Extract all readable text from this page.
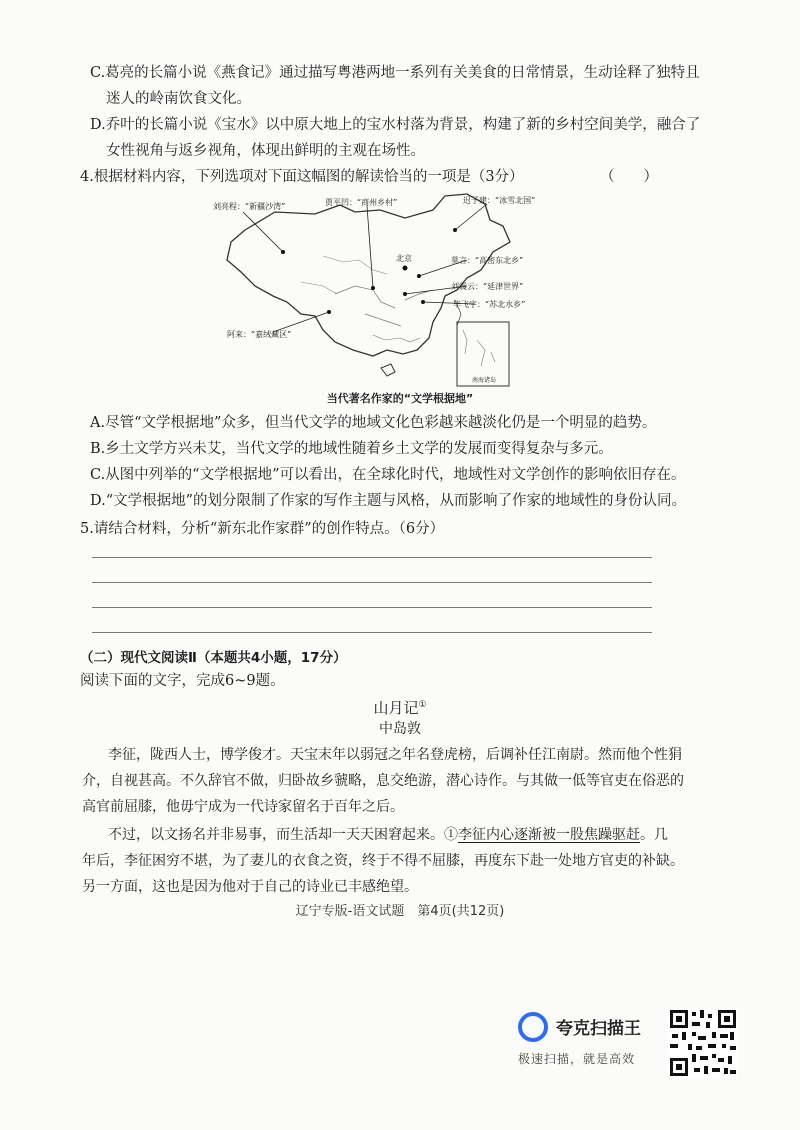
C.葛亮的长篇小说《燕食记》通过描写粤港两地一系列有关美食的日常情景，生动诠释了独特且
迷人的岭南饮食文化。
D.乔叶的长篇小说《宝水》以中原大地上的宝水村落为背景，构建了新的乡村空间美学，融合了
女性视角与返乡视角，体现出鲜明的主观在场性。
4.根据材料内容，下列选项对下面这幅图的解读恰当的一项是（3分）	（　　）
刘亮程：“新疆沙湾”	贾平凹：“商州乡村”	迟子建：“冰雪北国”
北京	莫言：“高密东北乡”
刘震云：“延津世界”
毕飞宇：“苏北水乡”
阿来：“嘉绒藏区”
南海诸岛
当代著名作家的“文学根据地”
A.尽管“文学根据地”众多，但当代文学的地域文化色彩越来越淡化仍是一个明显的趋势。
B.乡土文学方兴未艾，当代文学的地域性随着乡土文学的发展而变得复杂与多元。
C.从图中列举的“文学根据地”可以看出，在全球化时代，地域性对文学创作的影响依旧存在。
D.“文学根据地”的划分限制了作家的写作主题与风格，从而影响了作家的地域性的身份认同。
5.请结合材料，分析“新东北作家群”的创作特点。（6分）
（二）现代文阅读Ⅱ（本题共4小题，17分）
阅读下面的文字，完成6~9题。
山月记①
中岛敦
李征，陇西人士，博学俊才。天宝末年以弱冠之年名登虎榜，后调补任江南尉。然而他个性狷
介，自视甚高。不久辞官不做，归卧故乡虢略，息交绝游，潜心诗作。与其做一低等官吏在俗恶的
高官前屈膝，他毋宁成为一代诗家留名于百年之后。
不过，以文扬名并非易事，而生活却一天天困窘起来。①李征内心逐渐被一股焦躁驱赶。几
年后，李征困穷不堪，为了妻儿的衣食之资，终于不得不屈膝，再度东下赴一处地方官吏的补缺。
另一方面，这也是因为他对于自己的诗业已丰感绝望。
辽宁专版-语文试题　第4页(共12页)
夸克扫描王
极速扫描，就是高效
